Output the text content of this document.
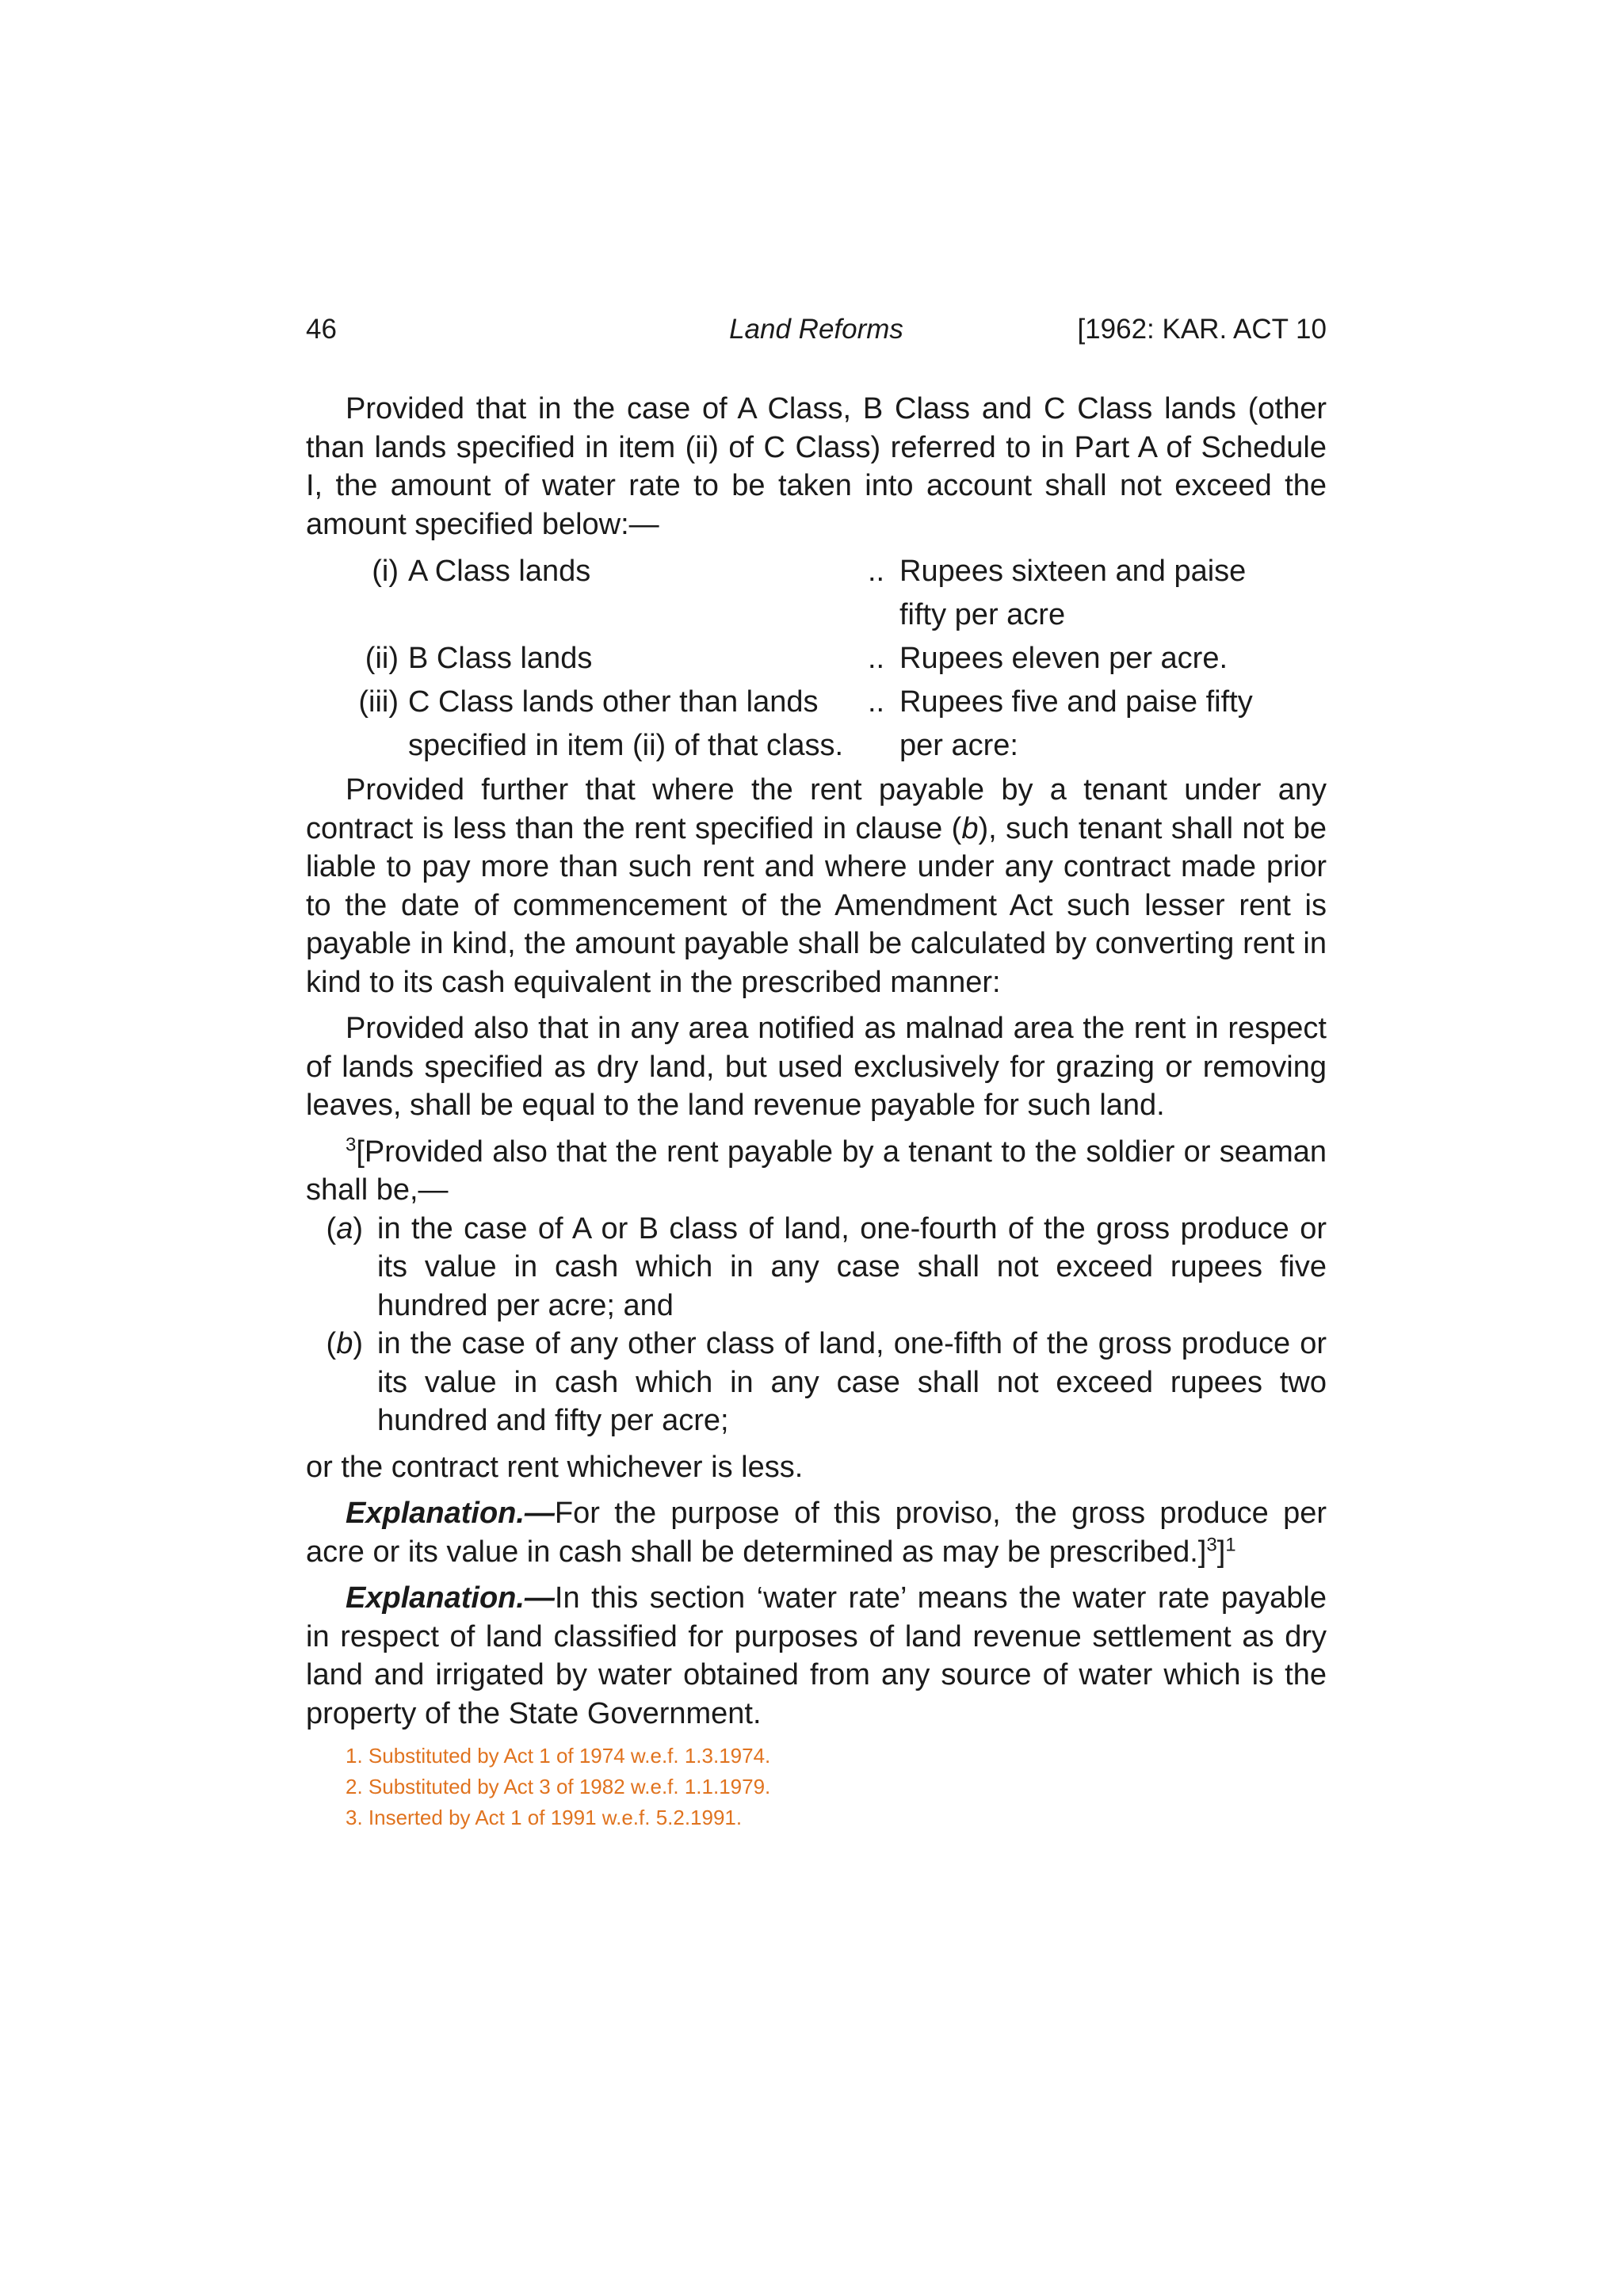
46	Land Reforms	[1962: KAR. ACT 10

Provided that in the case of A Class, B Class and C Class lands (other than lands specified in item (ii) of C Class) referred to in Part A of Schedule I, the amount of water rate to be taken into account shall not exceed the amount specified below:—

(i)	A Class lands	..	Rupees sixteen and paise fifty per acre
(ii)	B Class lands	..	Rupees eleven per acre.
(iii)	C Class lands other than lands specified in item (ii) of that class.	..	Rupees five and paise fifty per acre:

Provided further that where the rent payable by a tenant under any contract is less than the rent specified in clause (b), such tenant shall not be liable to pay more than such rent and where under any contract made prior to the date of commencement of the Amendment Act such lesser rent is payable in kind, the amount payable shall be calculated by converting rent in kind to its cash equivalent in the prescribed manner:

Provided also that in any area notified as malnad area the rent in respect of lands specified as dry land, but used exclusively for grazing or removing leaves, shall be equal to the land revenue payable for such land.

$^3$[Provided also that the rent payable by a tenant to the soldier or seaman shall be,—

(a) in the case of A or B class of land, one-fourth of the gross produce or its value in cash which in any case shall not exceed rupees five hundred per acre; and
(b) in the case of any other class of land, one-fifth of the gross produce or its value in cash which in any case shall not exceed rupees two hundred and fifty per acre;

or the contract rent whichever is less.

Explanation.—For the purpose of this proviso, the gross produce per acre or its value in cash shall be determined as may be prescribed.]$^3$]$^1$

Explanation.—In this section ‘water rate’ means the water rate payable in respect of land classified for purposes of land revenue settlement as dry land and irrigated by water obtained from any source of water which is the property of the State Government.

1. Substituted by Act 1 of 1974 w.e.f. 1.3.1974.

2. Substituted by Act 3 of 1982 w.e.f. 1.1.1979.

3. Inserted by Act 1 of 1991 w.e.f. 5.2.1991.
